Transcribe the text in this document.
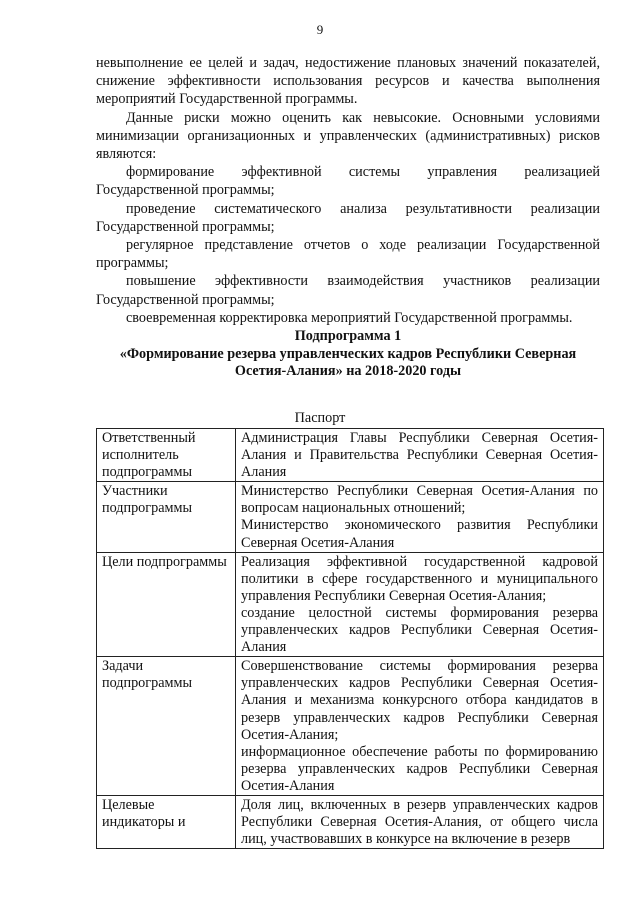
9

невыполнение ее целей и задач, недостижение плановых значений показателей, снижение эффективности использования ресурсов и качества выполнения мероприятий Государственной программы.

Данные риски можно оценить как невысокие. Основными условиями минимизации организационных и управленческих (административных) рисков являются:

формирование эффективной системы управления реализацией Государственной программы;

проведение систематического анализа результативности реализации Государственной программы;

регулярное представление отчетов о ходе реализации Государственной программы;

повышение эффективности взаимодействия участников реализации Государственной программы;

своевременная корректировка мероприятий Государственной программы.

Подпрограмма 1
«Формирование резерва управленческих кадров Республики Северная
Осетия-Алания» на 2018-2020 годы
Паспорт
Ответственный исполнитель подпрограммы	Администрация Главы Республики Северная Осетия-Алания и Правительства Республики Северная Осетия-Алания

Участники подпрограммы	Министерство Республики Северная Осетия-Алания по вопросам национальных отношений;

Министерство экономического развития Республики Северная Осетия-Алания

Цели подпрограммы	Реализация эффективной государственной кадровой политики в сфере государственного и муниципального управления Республики Северная Осетия-Алания;

создание целостной системы формирования резерва управленческих кадров Республики Северная Осетия-Алания

Задачи подпрограммы	Совершенствование системы формирования резерва управленческих кадров Республики Северная Осетия-Алания и механизма конкурсного отбора кандидатов в резерв управленческих кадров Республики Северная Осетия-Алания;

информационное обеспечение работы по формированию резерва управленческих кадров Республики Северная Осетия-Алания

Целевые индикаторы и	Доля лиц, включенных в резерв управленческих кадров Республики Северная Осетия-Алания, от общего числа лиц, участвовавших в конкурсе на включение в резерв
